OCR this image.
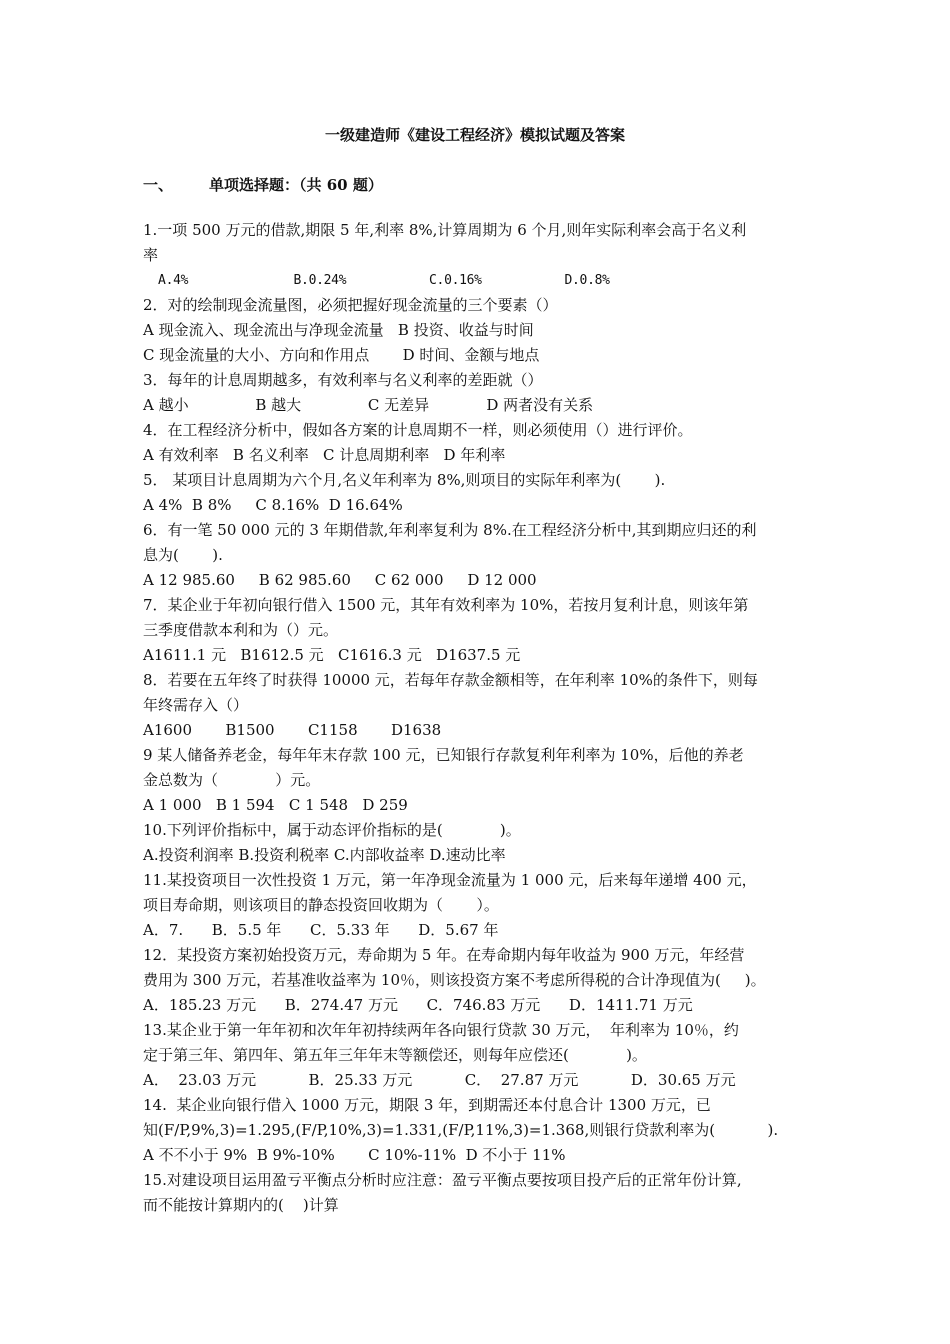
一级建造师《建设工程经济》模拟试题及答案
一、 单项选择题：（共 60 题）
1.一项 500 万元的借款,期限 5 年,利率 8%,计算周期为 6 个月,则年实际利率会高于名义利
率
A.4%              B.0.24%           C.0.16%           D.0.8%
2．对的绘制现金流量图，必须把握好现金流量的三个要素（）
A 现金流入、现金流出与净现金流量   B 投资、收益与时间
C 现金流量的大小、方向和作用点       D 时间、金额与地点
3．每年的计息周期越多，有效利率与名义利率的差距就（）
A 越小              B 越大              C 无差异            D 两者没有关系
4．在工程经济分析中，假如各方案的计息周期不一样，则必须使用（）进行评价。
A 有效利率   B 名义利率   C 计息周期利率   D 年利率
5． 某项目计息周期为六个月,名义年利率为 8%,则项目的实际年利率为(       ).
A 4%  B 8%     C 8.16%  D 16.64%
6．有一笔 50 000 元的 3 年期借款,年利率复利为 8%.在工程经济分析中,其到期应归还的利
息为(       ).
A 12 985.60     B 62 985.60     C 62 000     D 12 000
7．某企业于年初向银行借入 1500 元，其年有效利率为 10%，若按月复利计息，则该年第
三季度借款本利和为（）元。
A1611.1 元   B1612.5 元   C1616.3 元   D1637.5 元
8．若要在五年终了时获得 10000 元，若每年存款金额相等，在年利率 10%的条件下，则每
年终需存入（）
A1600       B1500       C1158       D1638
9 某人储备养老金，每年年末存款 100 元，已知银行存款复利年利率为 10%，后他的养老
金总数为（            ）元。
A 1 000   B 1 594   C 1 548   D 259
10.下列评价指标中，属于动态评价指标的是(            )。
A.投资利润率 B.投资利税率 C.内部收益率 D.速动比率
11.某投资项目一次性投资 1 万元，第一年净现金流量为 1 000 元，后来每年递增 400 元，
项目寿命期，则该项目的静态投资回收期为（       ）。
A．7.      B．5.5 年      C．5.33 年      D．5.67 年
12．某投资方案初始投资万元，寿命期为 5 年。在寿命期内每年收益为 900 万元，年经营
费用为 300 万元，若基准收益率为 10％，则该投资方案不考虑所得税的合计净现值为(     )。
A．185.23 万元      B．274.47 万元      C．746.83 万元      D．1411.71 万元
13.某企业于第一年年初和次年年初持续两年各向银行贷款 30 万元，  年利率为 10％，约
定于第三年、第四年、第五年三年年末等额偿还，则每年应偿还(            )。
A．  23.03 万元           B．25.33 万元           C．  27.87 万元           D．30.65 万元
14.  某企业向银行借入 1000 万元，期限 3 年，到期需还本付息合计 1300 万元，已
知(F/P,9%,3)=1.295,(F/P,10%,3)=1.331,(F/P,11%,3)=1.368,则银行贷款利率为(           ).
A 不不小于 9%  B 9%-10%       C 10%-11%  D 不小于 11%
15.对建设项目运用盈亏平衡点分析时应注意：盈亏平衡点要按项目投产后的正常年份计算,
而不能按计算期内的(    )计算
